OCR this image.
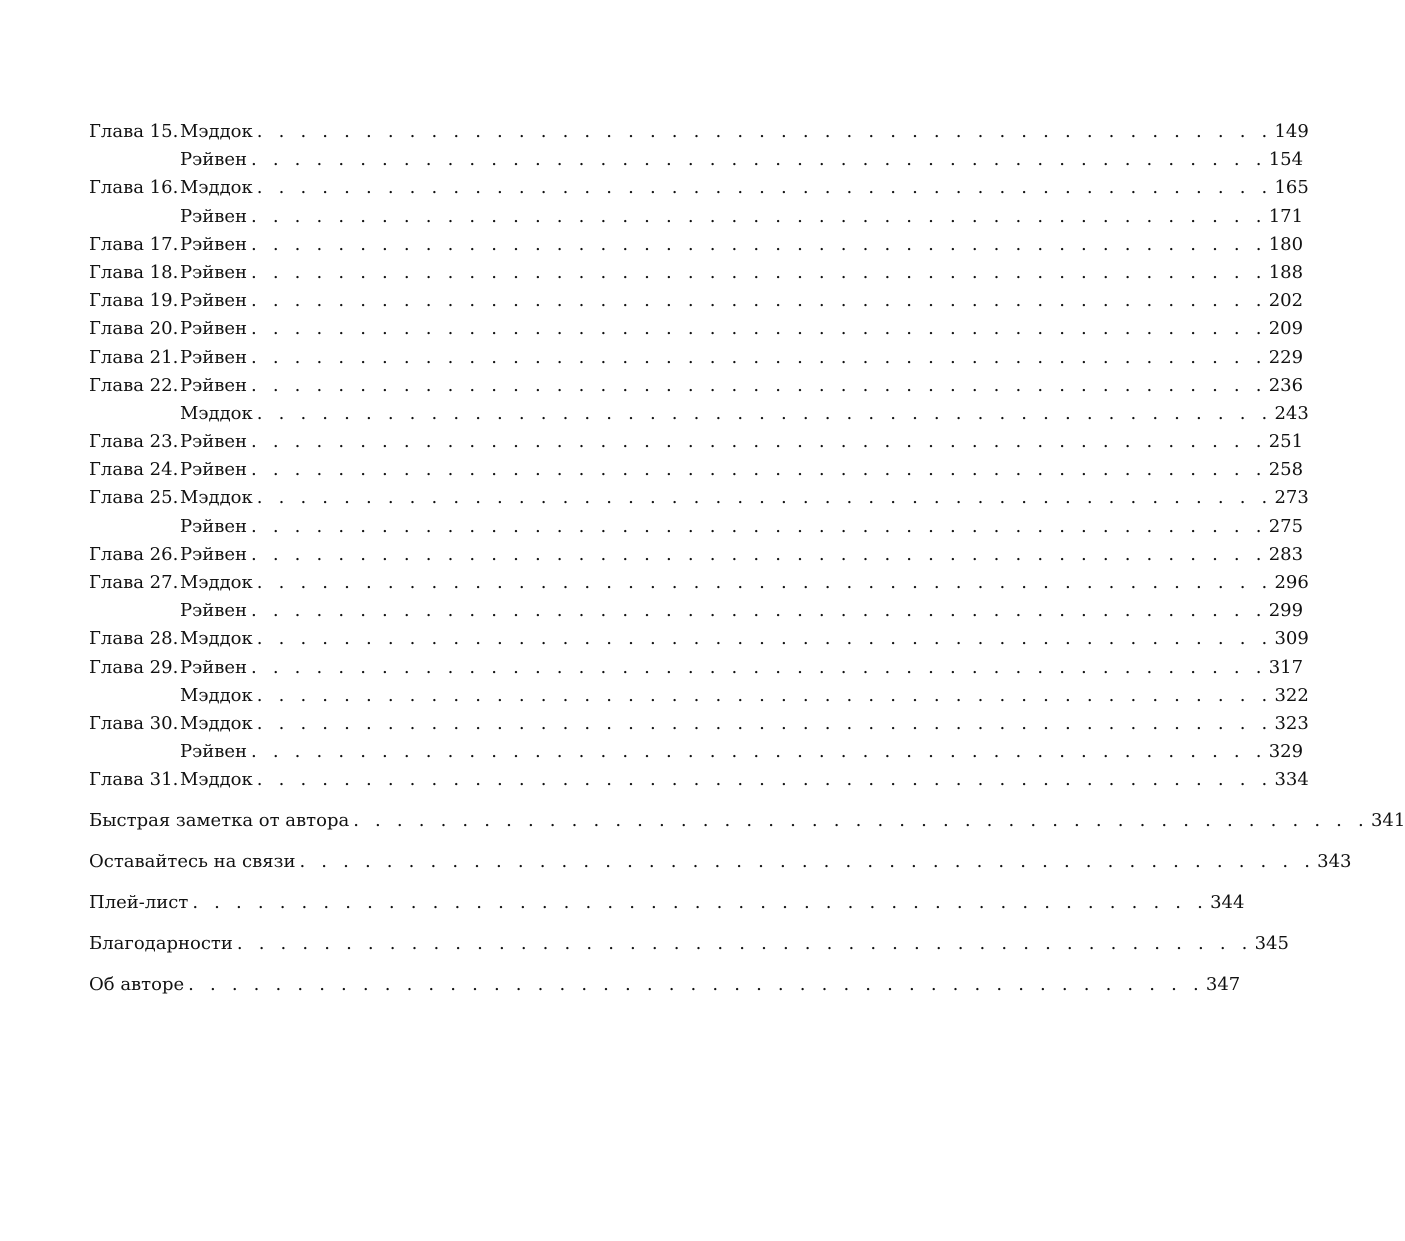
Глава 15. Мэддок . . . . . . . . . . . . . . . . . . . . . . . . . . . . . . . . . . . . . . . . . . . . . . . 149
Рэйвен . . . . . . . . . . . . . . . . . . . . . . . . . . . . . . . . . . . . . . . . . . . . . . . 154
Глава 16. Мэддок . . . . . . . . . . . . . . . . . . . . . . . . . . . . . . . . . . . . . . . . . . . . . . . 165
Рэйвен . . . . . . . . . . . . . . . . . . . . . . . . . . . . . . . . . . . . . . . . . . . . . . . 171
Глава 17. Рэйвен . . . . . . . . . . . . . . . . . . . . . . . . . . . . . . . . . . . . . . . . . . . . . . . 180
Глава 18. Рэйвен . . . . . . . . . . . . . . . . . . . . . . . . . . . . . . . . . . . . . . . . . . . . . . . 188
Глава 19. Рэйвен . . . . . . . . . . . . . . . . . . . . . . . . . . . . . . . . . . . . . . . . . . . . . . . 202
Глава 20. Рэйвен . . . . . . . . . . . . . . . . . . . . . . . . . . . . . . . . . . . . . . . . . . . . . . . 209
Глава 21. Рэйвен . . . . . . . . . . . . . . . . . . . . . . . . . . . . . . . . . . . . . . . . . . . . . . . 229
Глава 22. Рэйвен . . . . . . . . . . . . . . . . . . . . . . . . . . . . . . . . . . . . . . . . . . . . . . . 236
Мэддок . . . . . . . . . . . . . . . . . . . . . . . . . . . . . . . . . . . . . . . . . . . . . . . 243
Глава 23. Рэйвен . . . . . . . . . . . . . . . . . . . . . . . . . . . . . . . . . . . . . . . . . . . . . . . 251
Глава 24. Рэйвен . . . . . . . . . . . . . . . . . . . . . . . . . . . . . . . . . . . . . . . . . . . . . . . 258
Глава 25. Мэддок . . . . . . . . . . . . . . . . . . . . . . . . . . . . . . . . . . . . . . . . . . . . . . . 273
Рэйвен . . . . . . . . . . . . . . . . . . . . . . . . . . . . . . . . . . . . . . . . . . . . . . . 275
Глава 26. Рэйвен . . . . . . . . . . . . . . . . . . . . . . . . . . . . . . . . . . . . . . . . . . . . . . . 283
Глава 27. Мэддок . . . . . . . . . . . . . . . . . . . . . . . . . . . . . . . . . . . . . . . . . . . . . . . 296
Рэйвен . . . . . . . . . . . . . . . . . . . . . . . . . . . . . . . . . . . . . . . . . . . . . . . 299
Глава 28. Мэддок . . . . . . . . . . . . . . . . . . . . . . . . . . . . . . . . . . . . . . . . . . . . . . . 309
Глава 29. Рэйвен . . . . . . . . . . . . . . . . . . . . . . . . . . . . . . . . . . . . . . . . . . . . . . . 317
Мэддок . . . . . . . . . . . . . . . . . . . . . . . . . . . . . . . . . . . . . . . . . . . . . . . 322
Глава 30. Мэддок . . . . . . . . . . . . . . . . . . . . . . . . . . . . . . . . . . . . . . . . . . . . . . . 323
Рэйвен . . . . . . . . . . . . . . . . . . . . . . . . . . . . . . . . . . . . . . . . . . . . . . . 329
Глава 31. Мэддок . . . . . . . . . . . . . . . . . . . . . . . . . . . . . . . . . . . . . . . . . . . . . . . 334
Быстрая заметка от автора . . . . . . . . . . . . . . . . . . . . . . . . . . . . . . . . . . . . . . . . . . . . . . . 341
Оставайтесь на связи . . . . . . . . . . . . . . . . . . . . . . . . . . . . . . . . . . . . . . . . . . . . . . . 343
Плей-лист . . . . . . . . . . . . . . . . . . . . . . . . . . . . . . . . . . . . . . . . . . . . . . . 344
Благодарности . . . . . . . . . . . . . . . . . . . . . . . . . . . . . . . . . . . . . . . . . . . . . . . 345
Об авторе . . . . . . . . . . . . . . . . . . . . . . . . . . . . . . . . . . . . . . . . . . . . . . . 347
